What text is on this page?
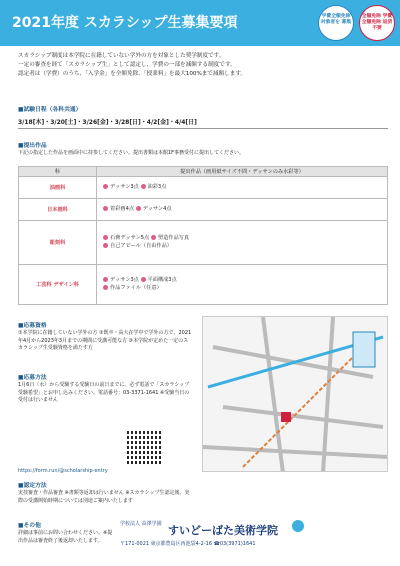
2021年度 スカラシップ生募集要項	学費全額免除 対象者を 募集
全額免除 学費全額免除 返済不要
スカラシップ制度は本学院に在籍していない学外の方を対象とした奨学制度です。
一定の審査を経て「スカラシップ生」として認定し、学費の一部を減額する制度です。
認定者は（学費）のうち、「入学金」を全額免除、「授業料」を最大100%まで減額します。
■ 試験日程（各科共通）
3/18[木]・3/20[土]・3/26[金]・3/28[日]・4/2[金]・4/4[日]
■ 提出作品
下記の指定した作品を画面中に持参してください。提出書類は本館1F事務受付に提出してください。
科	提出作品（画用紙サイズ不問・デッサンのみ水彩等）
油画科	デッサン3点 油彩3点
日本画科	着彩画4点 デッサン4点
彫刻科	石膏デッサン5点 塑造作品写真
自己アピール（自由作品）

工芸科 デザイン科	デッサン3点 平面構成3点
作品ファイル（任意）
■ 応募資格
①本学院に在籍していない学外の方 ②既卒・高大在学中で学外の方で、2021年4月から2023年3月までの期間に受講可能な方 ③本学院が定めた一定のスカラシップ生受験資格を満たす方
■ 応募方法
1月6日（水）から受験する受験日の前日までに、必ず電話で「スカラシップ受験希望」とお申し込みください。電話番号：03-3371-1641 ※受験当日の受付は行いません
https://form.run/@scholarship-entry
■ 認定方法
実技審査・作品審査 ※書類等返却は行いません ※スカラシップ生認定後、実際の受講開始時期については別途ご案内いたします
■ その他
詳細は事前にお問い合わせください。※提出作品は審査終了後返却いたします。
学校法人 高澤学園 すいどーばた美術学院
〒171-0021 東京都豊島区西池袋4-2-16 ☎03(3971)1641
